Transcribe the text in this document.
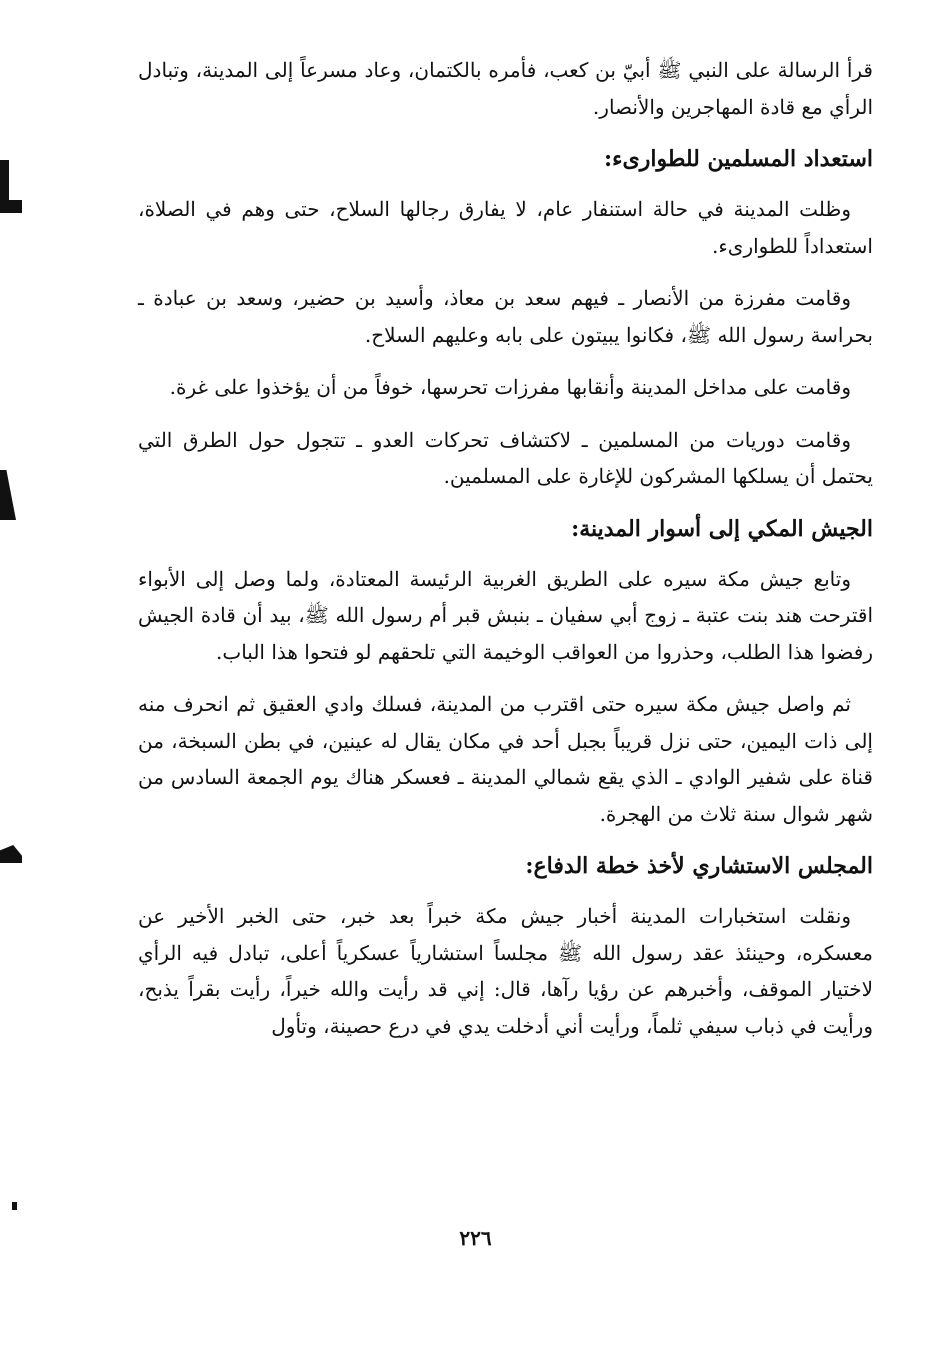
قرأ الرسالة على النبي ﷺ أبيّ بن كعب، فأمره بالكتمان، وعاد مسرعاً إلى المدينة، وتبادل الرأي مع قادة المهاجرين والأنصار.

استعداد المسلمين للطوارىء:

وظلت المدينة في حالة استنفار عام، لا يفارق رجالها السلاح، حتى وهم في الصلاة، استعداداً للطوارىء.

وقامت مفرزة من الأنصار ـ فيهم سعد بن معاذ، وأسيد بن حضير، وسعد بن عبادة ـ بحراسة رسول الله ﷺ، فكانوا يبيتون على بابه وعليهم السلاح.

وقامت على مداخل المدينة وأنقابها مفرزات تحرسها، خوفاً من أن يؤخذوا على غرة.

وقامت دوريات من المسلمين ـ لاكتشاف تحركات العدو ـ تتجول حول الطرق التي يحتمل أن يسلكها المشركون للإغارة على المسلمين.

الجيش المكي إلى أسوار المدينة:

وتابع جيش مكة سيره على الطريق الغربية الرئيسة المعتادة، ولما وصل إلى الأبواء اقترحت هند بنت عتبة ـ زوج أبي سفيان ـ بنبش قبر أم رسول الله ﷺ، بيد أن قادة الجيش رفضوا هذا الطلب، وحذروا من العواقب الوخيمة التي تلحقهم لو فتحوا هذا الباب.

ثم واصل جيش مكة سيره حتى اقترب من المدينة، فسلك وادي العقيق ثم انحرف منه إلى ذات اليمين، حتى نزل قريباً بجبل أحد في مكان يقال له عينين، في بطن السبخة، من قناة على شفير الوادي ـ الذي يقع شمالي المدينة ـ فعسكر هناك يوم الجمعة السادس من شهر شوال سنة ثلاث من الهجرة.

المجلس الاستشاري لأخذ خطة الدفاع:

ونقلت استخبارات المدينة أخبار جيش مكة خبراً بعد خبر، حتى الخبر الأخير عن معسكره، وحينئذ عقد رسول الله ﷺ مجلساً استشارياً عسكرياً أعلى، تبادل فيه الرأي لاختيار الموقف، وأخبرهم عن رؤيا رآها، قال: إني قد رأيت والله خيراً، رأيت بقراً يذبح، ورأيت في ذباب سيفي ثلماً، ورأيت أني أدخلت يدي في درع حصينة، وتأول

٢٢٦
